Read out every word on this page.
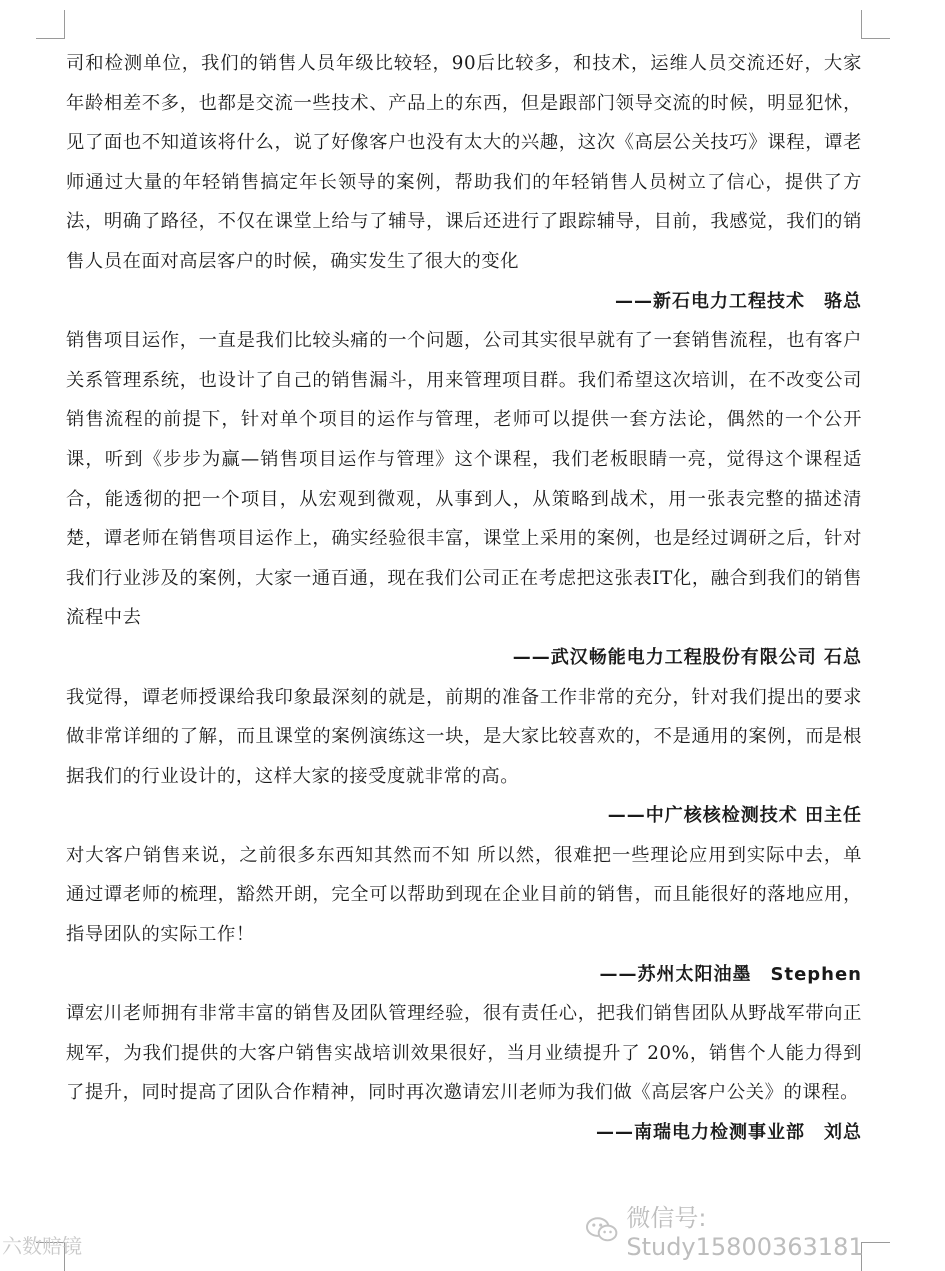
司和检测单位，我们的销售人员年级比较轻，90后比较多，和技术，运维人员交流还好，大家年龄相差不多，也都是交流一些技术、产品上的东西，但是跟部门领导交流的时候，明显犯怵，见了面也不知道该将什么，说了好像客户也没有太大的兴趣，这次《高层公关技巧》课程，谭老师通过大量的年轻销售搞定年长领导的案例，帮助我们的年轻销售人员树立了信心，提供了方法，明确了路径，不仅在课堂上给与了辅导，课后还进行了跟踪辅导，目前，我感觉，我们的销售人员在面对高层客户的时候，确实发生了很大的变化

——新石电力工程技术　骆总

销售项目运作，一直是我们比较头痛的一个问题，公司其实很早就有了一套销售流程，也有客户关系管理系统，也设计了自己的销售漏斗，用来管理项目群。我们希望这次培训，在不改变公司销售流程的前提下，针对单个项目的运作与管理，老师可以提供一套方法论，偶然的一个公开课，听到《步步为赢—销售项目运作与管理》这个课程，我们老板眼睛一亮，觉得这个课程适合，能透彻的把一个项目，从宏观到微观，从事到人，从策略到战术，用一张表完整的描述清楚，谭老师在销售项目运作上，确实经验很丰富，课堂上采用的案例，也是经过调研之后，针对我们行业涉及的案例，大家一通百通，现在我们公司正在考虑把这张表IT化，融合到我们的销售流程中去

——武汉畅能电力工程股份有限公司 石总

我觉得，谭老师授课给我印象最深刻的就是，前期的准备工作非常的充分，针对我们提出的要求做非常详细的了解，而且课堂的案例演练这一块，是大家比较喜欢的，不是通用的案例，而是根据我们的行业设计的，这样大家的接受度就非常的高。

——中广核核检测技术 田主任

对大客户销售来说，之前很多东西知其然而不知 所以然，很难把一些理论应用到实际中去，单通过谭老师的梳理，豁然开朗，完全可以帮助到现在企业目前的销售，而且能很好的落地应用，指导团队的实际工作！

——苏州太阳油墨　Stephen

谭宏川老师拥有非常丰富的销售及团队管理经验，很有责任心，把我们销售团队从野战军带向正规军，为我们提供的大客户销售实战培训效果很好，当月业绩提升了 20%，销售个人能力得到了提升，同时提高了团队合作精神，同时再次邀请宏川老师为我们做《高层客户公关》的课程。

——南瑞电力检测事业部　刘总

六数赔镜
微信号: Study15800363181
